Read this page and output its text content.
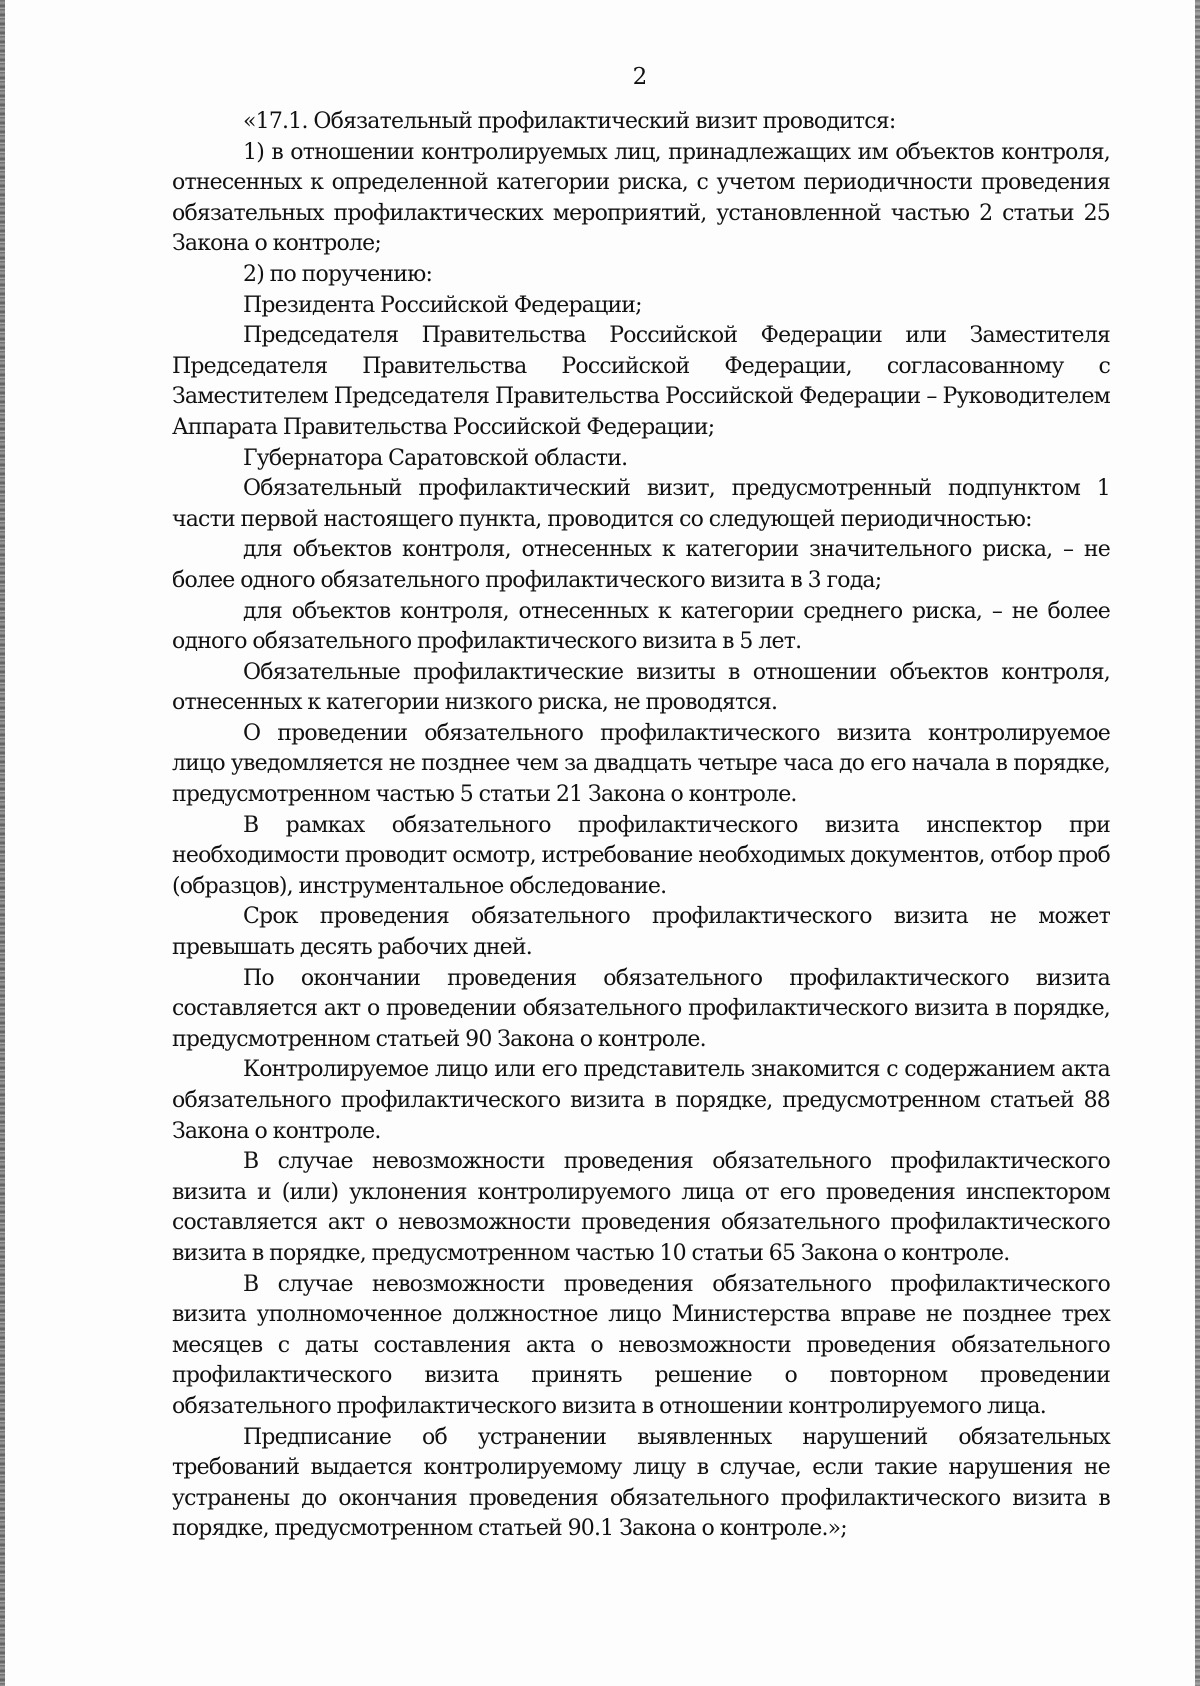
2

«17.1. Обязательный профилактический визит проводится:

1) в отношении контролируемых лиц, принадлежащих им объектов контроля, отнесенных к определенной категории риска, с учетом периодичности проведения обязательных профилактических мероприятий, установленной частью 2 статьи 25 Закона о контроле;

2) по поручению:

Президента Российской Федерации;

Председателя Правительства Российской Федерации или Заместителя Председателя Правительства Российской Федерации, согласованному с Заместителем Председателя Правительства Российской Федерации – Руководителем Аппарата Правительства Российской Федерации;

Губернатора Саратовской области.

Обязательный профилактический визит, предусмотренный подпунктом 1 части первой настоящего пункта, проводится со следующей периодичностью:

для объектов контроля, отнесенных к категории значительного риска, – не более одного обязательного профилактического визита в 3 года;

для объектов контроля, отнесенных к категории среднего риска, – не более одного обязательного профилактического визита в 5 лет.

Обязательные профилактические визиты в отношении объектов контроля, отнесенных к категории низкого риска, не проводятся.

О проведении обязательного профилактического визита контролируемое лицо уведомляется не позднее чем за двадцать четыре часа до его начала в порядке, предусмотренном частью 5 статьи 21 Закона о контроле.

В рамках обязательного профилактического визита инспектор при необходимости проводит осмотр, истребование необходимых документов, отбор проб (образцов), инструментальное обследование.

Срок проведения обязательного профилактического визита не может превышать десять рабочих дней.

По окончании проведения обязательного профилактического визита составляется акт о проведении обязательного профилактического визита в порядке, предусмотренном статьей 90 Закона о контроле.

Контролируемое лицо или его представитель знакомится с содержанием акта обязательного профилактического визита в порядке, предусмотренном статьей 88 Закона о контроле.

В случае невозможности проведения обязательного профилактического визита и (или) уклонения контролируемого лица от его проведения инспектором составляется акт о невозможности проведения обязательного профилактического визита в порядке, предусмотренном частью 10 статьи 65 Закона о контроле.

В случае невозможности проведения обязательного профилактического визита уполномоченное должностное лицо Министерства вправе не позднее трех месяцев с даты составления акта о невозможности проведения обязательного профилактического визита принять решение о повторном проведении обязательного профилактического визита в отношении контролируемого лица.

Предписание об устранении выявленных нарушений обязательных требований выдается контролируемому лицу в случае, если такие нарушения не устранены до окончания проведения обязательного профилактического визита в порядке, предусмотренном статьей 90.1 Закона о контроле.»;
